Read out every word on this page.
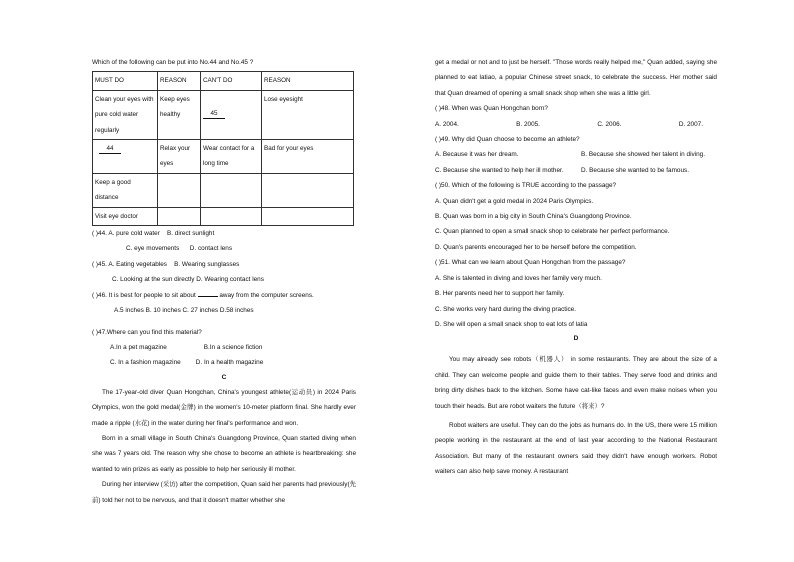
Which of the following can be put into No.44 and No.45 ?
MUST DO	REASON	CAN'T DO	REASON
Clean your eyes with pure cold water regularly	Keep eyes healthy	45	Lose eyesight
44	Relax your eyes	Wear contact for a long time	Bad for your eyes
Keep a good distance			
Visit eye doctor			
( )44. A. pure cold water B. direct sunlight
C. eye movements D. contact lens
( )45. A. Eating vegetables B. Wearing sunglasses
C. Looking at the sun directly D. Wearing contact lens
( )46. It is best for people to sit about	away from the computer screens.
A.5 inches B. 10 inches C. 27 inches D.58 inches
( )47.Where can you find this material?
A.In a pet magazine	B.In a science fiction
C. In a fashion magazine D. In a health magazine
C
The 17-year-old diver Quan Hongchan, China's youngest athlete(运动员) in 2024 Paris Olympics, won the gold medal(金牌) in the women's 10-meter platform final. She hardly ever made a ripple (水花) in the water during her final's performance and won.
Born in a small village in South China's Guangdong Province, Quan started diving when she was 7 years old. The reason why she chose to become an athlete is heartbreaking: she wanted to win prizes as early as possible to help her seriously ill mother.
During her interview (采访) after the competition, Quan said her parents had previously(先前) told her not to be nervous, and that it doesn't matter whether she
get a medal or not and to just be herself. "Those words really helped me," Quan added, saying she planned to eat latiao, a popular Chinese street snack, to celebrate the success. Her mother said that Quan dreamed of opening a small snack shop when she was a little girl.
( )48. When was Quan Hongchan born?
A. 2004.	B. 2005.	C. 2006.	D. 2007.
( )49. Why did Quan choose to become an athlete?
A. Because it was her dream.	B. Because she showed her talent in diving.
C. Because she wanted to help her ill mother.	D. Because she wanted to be famous.
( )50. Which of the following is TRUE according to the passage?
A. Quan didn't get a gold medal in 2024 Paris Olympics.
B. Quan was born in a big city in South China's Guangdong Province.
C. Quan planned to open a small snack shop to celebrate her perfect performance.
D. Quan's parents encouraged her to be herself before the competition.
( )51. What can we learn about Quan Hongchan from the passage?
A. She is talented in diving and loves her family very much.
B. Her parents need her to support her family.
C. She works very hard during the diving practice.
D. She will open a small snack shop to eat lots of latia
D
You may already see robots（机器人） in some restaurants. They are about the size of a child. They can welcome people and guide them to their tables. They serve food and drinks and bring dirty dishes back to the kitchen. Some have cat-like faces and even make noises when you touch their heads. But are robot waiters the future（将来）?
Robot waiters are useful. They can do the jobs as humans do. In the US, there were 15 million people working in the restaurant at the end of last year according to the National Restaurant Association. But many of the restaurant owners said they didn't have enough workers. Robot waiters can also help save money. A restaurant
